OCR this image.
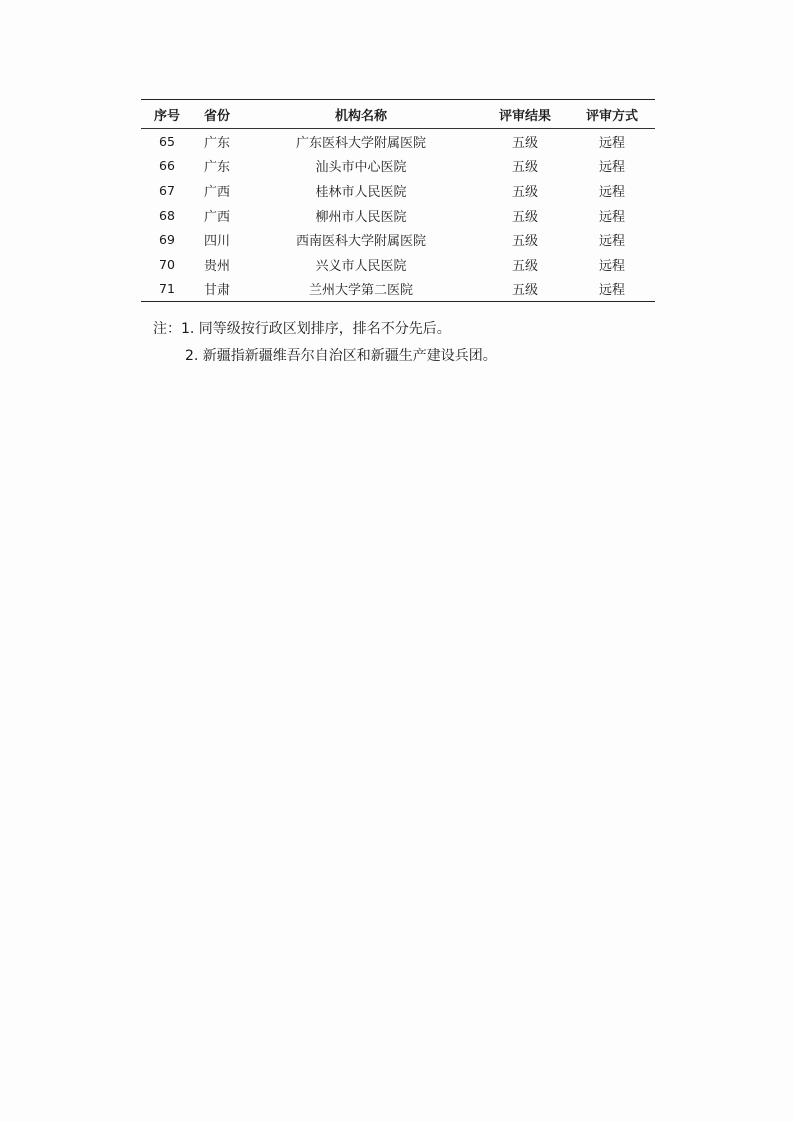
序号	省份	机构名称	评审结果	评审方式
65	广东	广东医科大学附属医院	五级	远程
66	广东	汕头市中心医院	五级	远程
67	广西	桂林市人民医院	五级	远程
68	广西	柳州市人民医院	五级	远程
69	四川	西南医科大学附属医院	五级	远程
70	贵州	兴义市人民医院	五级	远程
71	甘肃	兰州大学第二医院	五级	远程
注：1. 同等级按行政区划排序，排名不分先后。
2. 新疆指新疆维吾尔自治区和新疆生产建设兵团。
